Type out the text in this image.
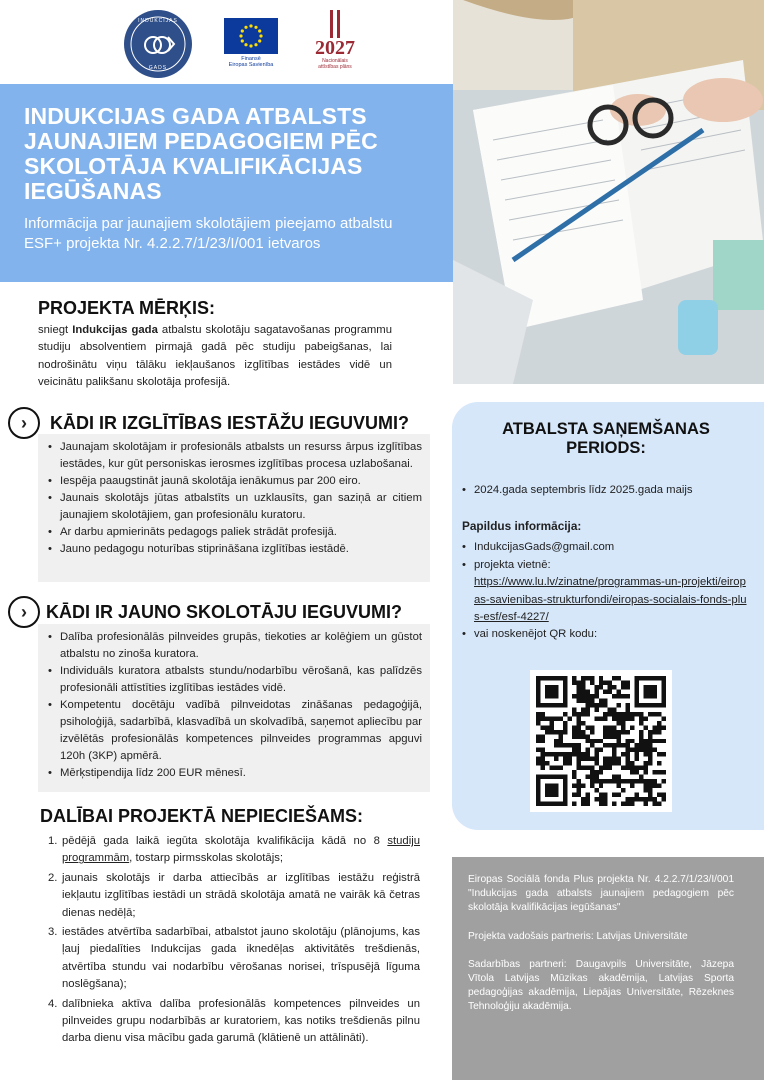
INDUKCIJAS
GADS
Finansē
Eiropas Savienība
2027
Nacionālais
attīstības plāns
INDUKCIJAS GADA ATBALSTS JAUNAJIEM PEDAGOGIEM PĒC SKOLOTĀJA KVALIFIKĀCIJAS IEGŪŠANAS

Informācija par jaunajiem skolotājiem pieejamo atbalstu ESF+ projekta Nr. 4.2.2.7/1/23/I/001 ietvaros

PROJEKTA MĒRĶIS:
sniegt Indukcijas gada atbalstu skolotāju sagatavošanas programmu studiju absolventiem pirmajā gadā pēc studiju pabeigšanas, lai nodrošinātu viņu tālāku iekļaušanos izglītības iestādes vidē un veicinātu palikšanu skolotāja profesijā.
›	KĀDI IR IZGLĪTĪBAS IESTĀŽU IEGUVUMI?
• Jaunajam skolotājam ir profesionāls atbalsts un resurss ārpus izglītības iestādes, kur gūt personiskas ierosmes izglītības procesa uzlabošanai.
• Iespēja paaugstināt jaunā skolotāja ienākumus par 200 eiro.
• Jaunais skolotājs jūtas atbalstīts un uzklausīts, gan saziņā ar citiem jaunajiem skolotājiem, gan profesionālu kuratoru.
• Ar darbu apmierināts pedagogs paliek strādāt profesijā.
• Jauno pedagogu noturības stiprināšana izglītības iestādē.
›	KĀDI IR JAUNO SKOLOTĀJU IEGUVUMI?
• Dalība profesionālās pilnveides grupās, tiekoties ar kolēģiem un gūstot atbalstu no zinoša kuratora.
• Individuāls kuratora atbalsts stundu/nodarbību vērošanā, kas palīdzēs profesionāli attīstīties izglītības iestādes vidē.
• Kompetentu docētāju vadībā pilnveidotas zināšanas pedagoģijā, psiholoģijā, sadarbībā, klasvadībā un skolvadībā, saņemot apliecību par izvēlētās profesionālās kompetences pilnveides programmas apguvi 120h (3KP) apmērā.
• Mērķstipendija līdz 200 EUR mēnesī.
DALĪBAI PROJEKTĀ NEPIECIEŠAMS:
1. pēdējā gada laikā iegūta skolotāja kvalifikācija kādā no 8 studiju programmām, tostarp pirmsskolas skolotājs;
2. jaunais skolotājs ir darba attiecībās ar izglītības iestāžu reģistrā iekļautu izglītības iestādi un strādā skolotāja amatā ne vairāk kā četras dienas nedēļā;
3. iestādes atvērtība sadarbībai, atbalstot jauno skolotāju (plānojums, kas ļauj piedalīties Indukcijas gada iknedēļas aktivitātēs trešdienās, atvērtība stundu vai nodarbību vērošanas norisei, trīspusējā līguma noslēgšana);
4. dalībnieka aktīva dalība profesionālās kompetences pilnveides un pilnveides grupu nodarbībās ar kuratoriem, kas notiks trešdienās pilnu darba dienu visa mācību gada garumā (klātienē un attālināti).
ATBALSTA SAŅEMŠANAS PERIODS:
• 2024.gada septembris līdz 2025.gada maijs
Papildus informācija:
• IndukcijasGads@gmail.com
• projekta vietnē:
https://www.lu.lv/zinatne/programmas-un-projekti/eiropas-savienibas-strukturfondi/eiropas-socialais-fonds-plus-esf/esf-4227/
• vai noskenējot QR kodu:

Eiropas Sociālā fonda Plus projekta Nr. 4.2.2.7/1/23/I/001 "Indukcijas gada atbalsts jaunajiem pedagogiem pēc skolotāja kvalifikācijas iegūšanas"

Projekta vadošais partneris: Latvijas Universitāte

Sadarbības partneri: Daugavpils Universitāte, Jāzepa Vītola Latvijas Mūzikas akadēmija, Latvijas Sporta pedagoģijas akadēmija, Liepājas Universitāte, Rēzeknes Tehnoloģiju akadēmija.
